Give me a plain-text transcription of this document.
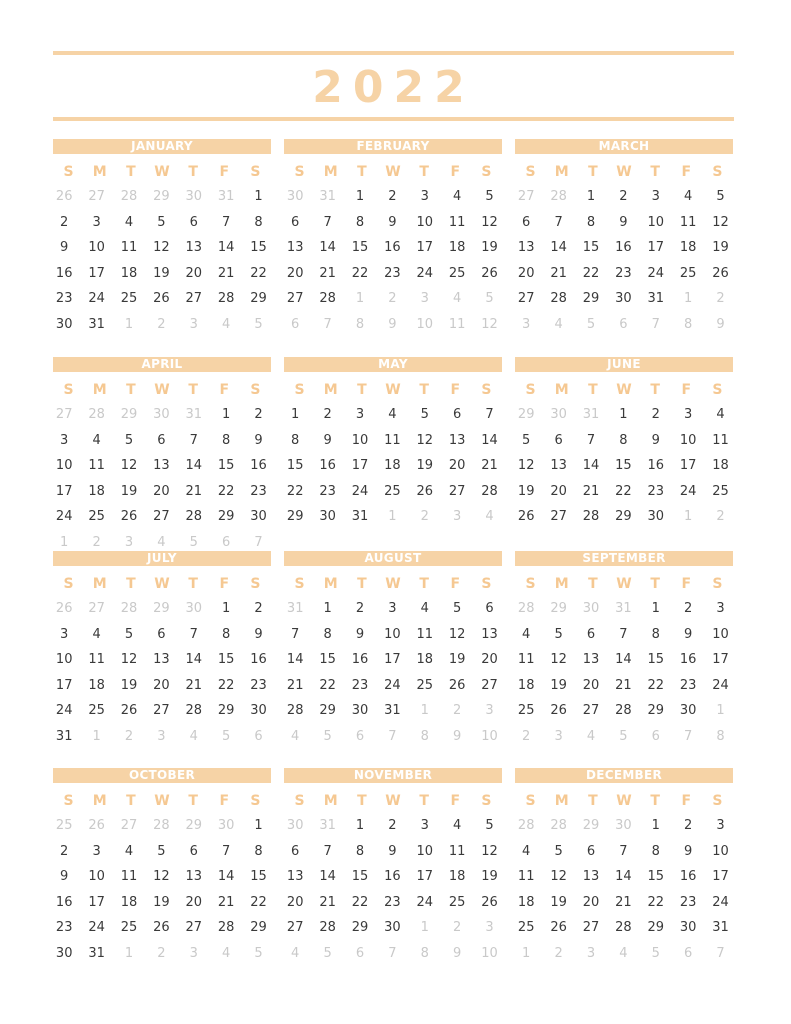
2022
JANUARY
S	M	T	W	T	F	S
26	27	28	29	30	31	1
2	3	4	5	6	7	8
9	10	11	12	13	14	15
16	17	18	19	20	21	22
23	24	25	26	27	28	29
30	31	1	2	3	4	5
FEBRUARY
S	M	T	W	T	F	S
30	31	1	2	3	4	5
6	7	8	9	10	11	12
13	14	15	16	17	18	19
20	21	22	23	24	25	26
27	28	1	2	3	4	5
6	7	8	9	10	11	12
MARCH
S	M	T	W	T	F	S
27	28	1	2	3	4	5
6	7	8	9	10	11	12
13	14	15	16	17	18	19
20	21	22	23	24	25	26
27	28	29	30	31	1	2
3	4	5	6	7	8	9
APRIL
S	M	T	W	T	F	S
27	28	29	30	31	1	2
3	4	5	6	7	8	9
10	11	12	13	14	15	16
17	18	19	20	21	22	23
24	25	26	27	28	29	30
1	2	3	4	5	6	7
MAY
S	M	T	W	T	F	S
1	2	3	4	5	6	7
8	9	10	11	12	13	14
15	16	17	18	19	20	21
22	23	24	25	26	27	28
29	30	31	1	2	3	4
JUNE
S	M	T	W	T	F	S
29	30	31	1	2	3	4
5	6	7	8	9	10	11
12	13	14	15	16	17	18
19	20	21	22	23	24	25
26	27	28	29	30	1	2
JULY
S	M	T	W	T	F	S
26	27	28	29	30	1	2
3	4	5	6	7	8	9
10	11	12	13	14	15	16
17	18	19	20	21	22	23
24	25	26	27	28	29	30
31	1	2	3	4	5	6
AUGUST
S	M	T	W	T	F	S
31	1	2	3	4	5	6
7	8	9	10	11	12	13
14	15	16	17	18	19	20
21	22	23	24	25	26	27
28	29	30	31	1	2	3
4	5	6	7	8	9	10
SEPTEMBER
S	M	T	W	T	F	S
28	29	30	31	1	2	3
4	5	6	7	8	9	10
11	12	13	14	15	16	17
18	19	20	21	22	23	24
25	26	27	28	29	30	1
2	3	4	5	6	7	8
OCTOBER
S	M	T	W	T	F	S
25	26	27	28	29	30	1
2	3	4	5	6	7	8
9	10	11	12	13	14	15
16	17	18	19	20	21	22
23	24	25	26	27	28	29
30	31	1	2	3	4	5
NOVEMBER
S	M	T	W	T	F	S
30	31	1	2	3	4	5
6	7	8	9	10	11	12
13	14	15	16	17	18	19
20	21	22	23	24	25	26
27	28	29	30	1	2	3
4	5	6	7	8	9	10
DECEMBER
S	M	T	W	T	F	S
28	28	29	30	1	2	3
4	5	6	7	8	9	10
11	12	13	14	15	16	17
18	19	20	21	22	23	24
25	26	27	28	29	30	31
1	2	3	4	5	6	7
